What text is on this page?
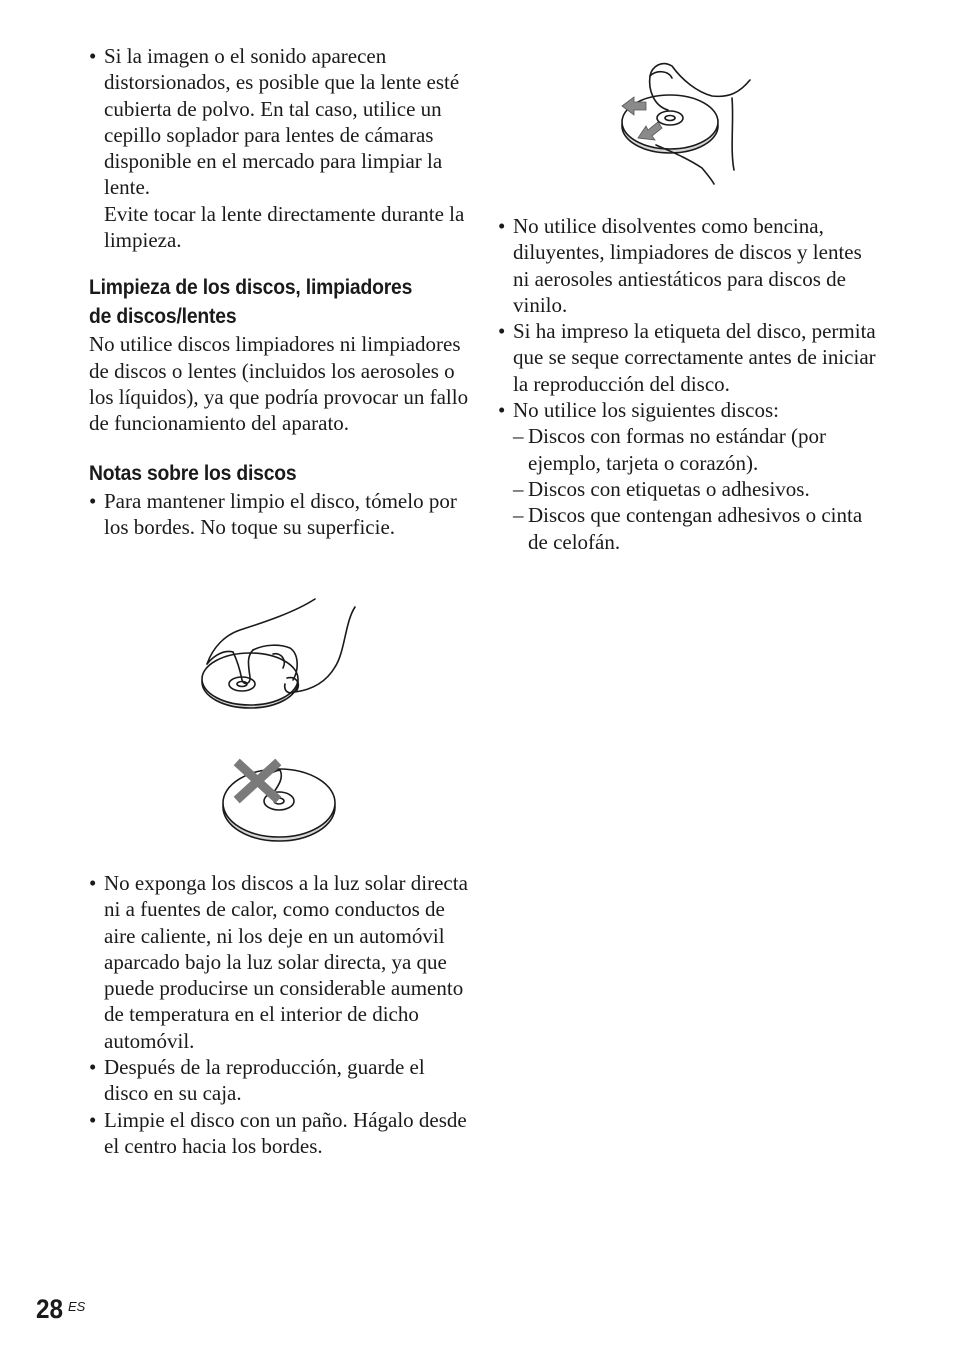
• Si la imagen o el sonido aparecen distorsionados, es posible que la lente esté cubierta de polvo. En tal caso, utilice un cepillo soplador para lentes de cámaras disponible en el mercado para limpiar la lente.
Evite tocar la lente directamente durante la limpieza.
Limpieza de los discos, limpiadores de discos/lentes

No utilice discos limpiadores ni limpiadores de discos o lentes (incluidos los aerosoles o los líquidos), ya que podría provocar un fallo de funcionamiento del aparato.

Notas sobre los discos
• Para mantener limpio el disco, tómelo por los bordes. No toque su superficie.
• No exponga los discos a la luz solar directa ni a fuentes de calor, como conductos de aire caliente, ni los deje en un automóvil aparcado bajo la luz solar directa, ya que puede producirse un considerable aumento de temperatura en el interior de dicho automóvil.
• Después de la reproducción, guarde el disco en su caja.
• Limpie el disco con un paño. Hágalo desde el centro hacia los bordes.
• No utilice disolventes como bencina, diluyentes, limpiadores de discos y lentes ni aerosoles antiestáticos para discos de vinilo.
• Si ha impreso la etiqueta del disco, permita que se seque correctamente antes de iniciar la reproducción del disco.
• No utilice los siguientes discos:
– Discos con formas no estándar (por ejemplo, tarjeta o corazón).
– Discos con etiquetas o adhesivos.
– Discos que contengan adhesivos o cinta de celofán.
28 ES
